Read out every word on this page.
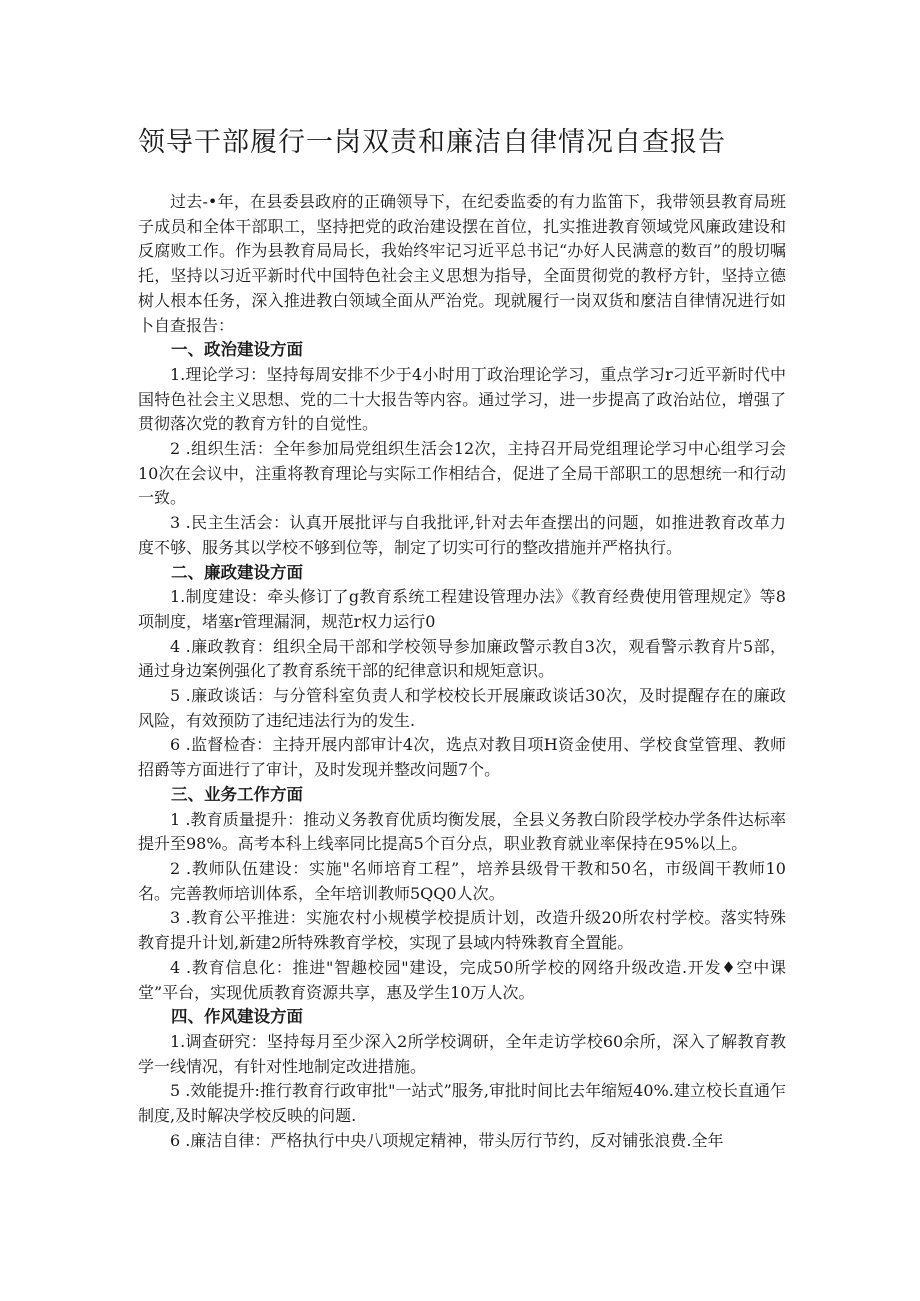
领导干部履行一岗双责和廉洁自律情况自查报告

过去-•年，在县委县政府的正确领导下，在纪委监委的有力监笛下，我带领县教育局班子成员和全体干部职工，坚持把党的政治建设摆在首位，扎实推进教育领域党风廉政建设和反腐败工作。作为县教育局局长，我始终牢记习近平总书记“办好人民满意的数百”的殷切嘱托，坚持以习近平新时代中国特色社会主义思想为指导，全面贯彻党的教杼方针，坚持立德树人根本任务，深入推进教白领域全面从严治党。现就履行一岗双货和麼洁自律情况进行如卜自查报告：

一、政治建设方面

1.理论学习：坚持每周安排不少于4小时用丁政治理论学习，重点学习r刁近平新时代中国特色社会主义思想、党的二十大报告等内容。通过学习，进一步提高了政治站位，增强了贯彻落次党的教育方针的自觉性。

2 .组织生活：全年参加局党组织生活会12次，主持召开局党组理论学习中心组学习会10次在会议中，注重将教育理论与实际工作相结合，促进了全局干部职工的思想统一和行动一致。

3 .民主生活会：认真开展批评与自我批评,针对去年查摆出的问题，如推进教育改革力度不够、服务其以学校不够到位等，制定了切实可行的整改措施并严格执行。

二、廉政建设方面

1.制度建设：牵头修订了g教育系统工程建设管理办法》《教育经费使用管理规定》等8项制度，堵塞r管理漏洞，规范r权力运行0

4 .廉政教育：组织全局干部和学校领导参加廉政警示教自3次，观看警示教育片5部，通过身边案例强化了教育系统干部的纪律意识和规矩意识。

5 .廉政谈话：与分管科室负责人和学校校长开展廉政谈话30次，及时提醒存在的廉政风险，有效预防了违纪违法行为的发生.

6 .监督检杳：主持开展内部审计4次，选点对教目项H资金使用、学校食堂管理、教师招爵等方面进行了审计，及时发现并整改问题7个。

三、业务工作方面

1 .教育质量提升：推动义务教育优质均衡发展，全县义务教白阶段学校办学条件达标率提升至98%。高考本科上线率同比提高5个百分点，职业教育就业率保持在95%以上。

2 .教师队伍建设：实施"名师培育工程”，培养县级骨干教和50名，市级阊干教师10名。完善教师培训体系，全年培训教师5QQ0人次。

3 .教育公平推进：实施农村小规模学校提质计划，改造升级20所农村学校。落实特殊教育提升计划,新建2所特殊教育学校，实现了县域内特殊教育全置能。

4 .教育信息化：推进"智趣校园"建设，完成50所学校的网络升级改造.开发♦空中课堂”平台，实现优质教育资源共享，惠及学生10万人次。

四、作风建设方面

1.调查研究：坚持每月至少深入2所学校调研，全年走访学校60余所，深入了解教育教学一线情况，有针对性地制定改进措施。

5 .效能提升:推行教育行政审批"一站式”服务,审批时间比去年缩短40%.建立校长直通乍制度,及时解决学校反映的问题.

6 .廉洁自律：严格执行中央八项规定精神，带头厉行节约，反对铺张浪费.全年
